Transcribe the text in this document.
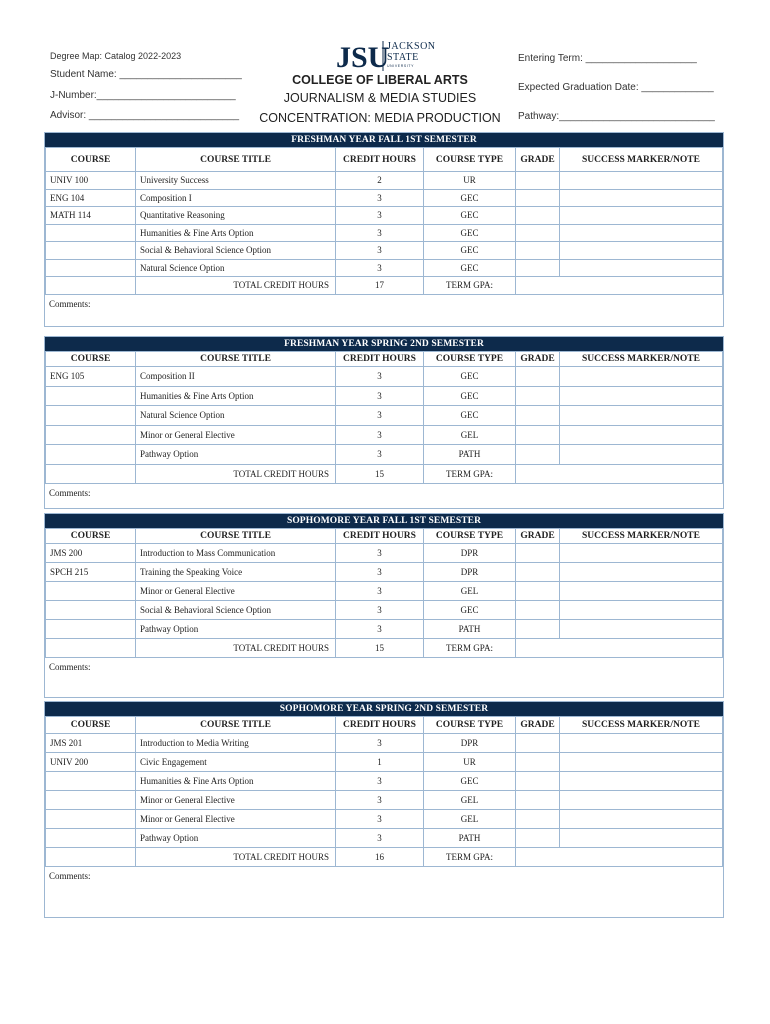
Degree Map: Catalog 2022-2023
Student Name: ______________________
J-Number:_________________________
Advisor: ___________________________
JSU
JACKSON
STATE
UNIVERSITY
COLLEGE OF LIBERAL ARTS
JOURNALISM & MEDIA STUDIES
CONCENTRATION: MEDIA PRODUCTION
Entering Term: ____________________
Expected Graduation Date: _____________
Pathway:____________________________
FRESHMAN YEAR FALL 1ST SEMESTER
COURSE	COURSE TITLE	CREDIT HOURS	COURSE TYPE	GRADE	SUCCESS MARKER/NOTE
UNIV 100	University Success	2	UR		
ENG 104	Composition I	3	GEC		
MATH 114	Quantitative Reasoning	3	GEC		
	Humanities & Fine Arts Option	3	GEC		
	Social & Behavioral Science Option	3	GEC		
	Natural Science Option	3	GEC		
	TOTAL CREDIT HOURS	17	TERM GPA:		
Comments:
FRESHMAN YEAR SPRING 2ND SEMESTER
COURSE	COURSE TITLE	CREDIT HOURS	COURSE TYPE	GRADE	SUCCESS MARKER/NOTE
ENG 105	Composition II	3	GEC		
	Humanities & Fine Arts Option	3	GEC		
	Natural Science Option	3	GEC		
	Minor or General Elective	3	GEL		
	Pathway Option	3	PATH		
	TOTAL CREDIT HOURS	15	TERM GPA:		
Comments:
SOPHOMORE YEAR FALL 1ST SEMESTER
COURSE	COURSE TITLE	CREDIT HOURS	COURSE TYPE	GRADE	SUCCESS MARKER/NOTE
JMS 200	Introduction to Mass Communication	3	DPR		
SPCH 215	Training the Speaking Voice	3	DPR		
	Minor or General Elective	3	GEL		
	Social & Behavioral Science Option	3	GEC		
	Pathway Option	3	PATH		
	TOTAL CREDIT HOURS	15	TERM GPA:		
Comments:
SOPHOMORE YEAR SPRING 2ND SEMESTER
COURSE	COURSE TITLE	CREDIT HOURS	COURSE TYPE	GRADE	SUCCESS MARKER/NOTE
JMS 201	Introduction to Media Writing	3	DPR		
UNIV 200	Civic Engagement	1	UR		
	Humanities & Fine Arts Option	3	GEC		
	Minor or General Elective	3	GEL		
	Minor or General Elective	3	GEL		
	Pathway Option	3	PATH		
	TOTAL CREDIT HOURS	16	TERM GPA:		
Comments:
